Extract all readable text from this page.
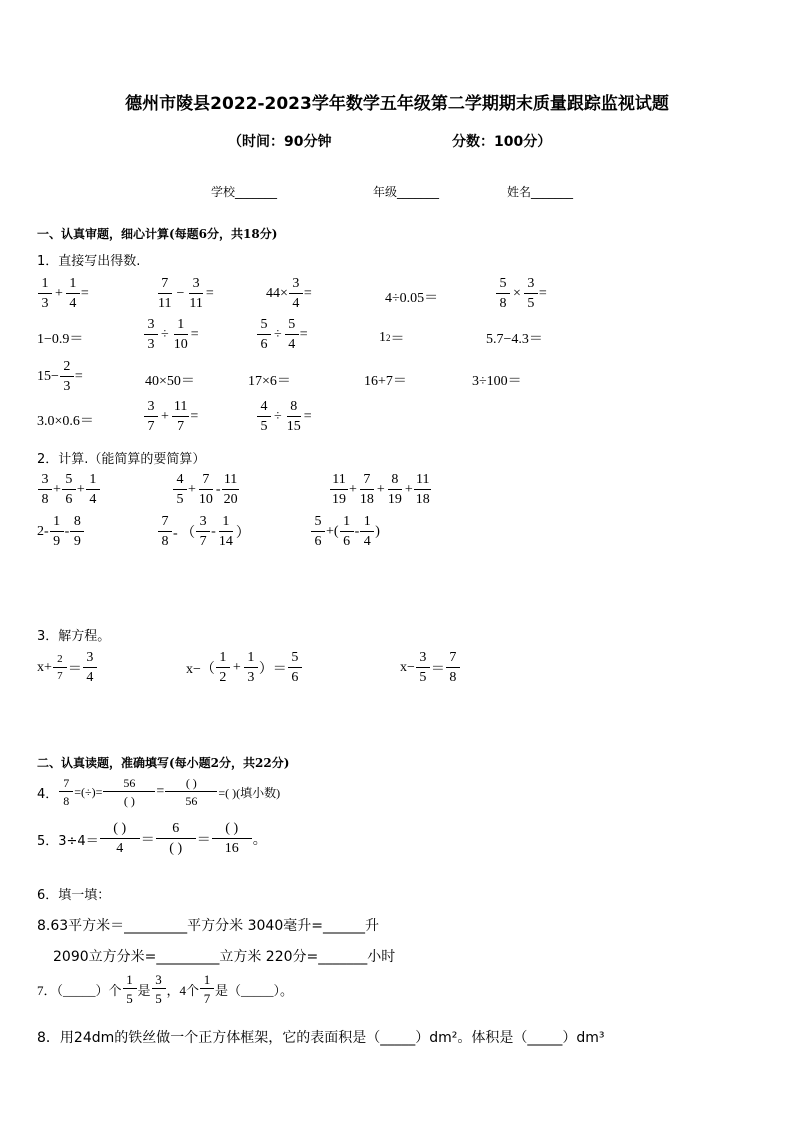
德州市陵县2022-2023学年数学五年级第二学期期末质量跟踪监视试题
（时间：90分钟	分数：100分）
学校_______	年级_______	姓名_______
一、认真审题，细心计算(每题6分，共18分)
1．直接写出得数.
$\frac{1}{3} + \frac{1}{4}$ =	$\frac{7}{11} - \frac{3}{11}$ =	$44\times \frac{3}{4}$ =	4÷0.05＝	$\frac{5}{8} \times \frac{3}{5}$ =
1−0.9＝	$\frac{3}{3} \div \frac{1}{10}$ =	$\frac{5}{6} \div \frac{5}{4}$ =	1 2 ＝	5.7−4.3＝
$15- \frac{2}{3}$ =	40×50＝	17×6＝	16+7＝	3÷100＝
3.0×0.6＝	$\frac{3}{7} + \frac{11}{7}$ =	$\frac{4}{5} \div \frac{8}{15}$ =
2．计算.（能简算的要简算）
$\frac{3}{8} + \frac{5}{6} + \frac{1}{4}$	$\frac{4}{5} + \frac{7}{10} - \frac{11}{20}$	$\frac{11}{19} + \frac{7}{18} + \frac{8}{19} + \frac{11}{18}$
$2- \frac{1}{9} - \frac{8}{9}$	$\frac{7}{8}$ - （ $\frac{3}{7} - \frac{1}{14}$ ）	$\frac{5}{6}$ +( $\frac{1}{6} - \frac{1}{4}$ )
3．解方程。
$x+ \frac{2}{7} = \frac{3}{4}$	$x-( \frac{1}{2} + \frac{1}{3}$ ）＝ $\frac{5}{6}$	$x- \frac{3}{5} = \frac{7}{8}$
二、认真读题，准确填写(每小题2分，共22分)
4． $\frac{7}{8}$ =(÷)=
56
( )
=
( )
56
=( )(填小数)
5．3÷4＝
( )
4
＝
6
( )
＝
( )
16
。
6．填一填：
8.63平方米＝_________平方分米 3040毫升=______升
2090立方分米=_________立方米 220分=_______小时
7．（_____）个 $\frac{1}{5}$ 是 $\frac{3}{5}$ ，4个 $\frac{1}{7}$ 是（_____）。
8．用24dm的铁丝做一个正方体框架，它的表面积是（_____）dm²。体积是（_____）dm³
